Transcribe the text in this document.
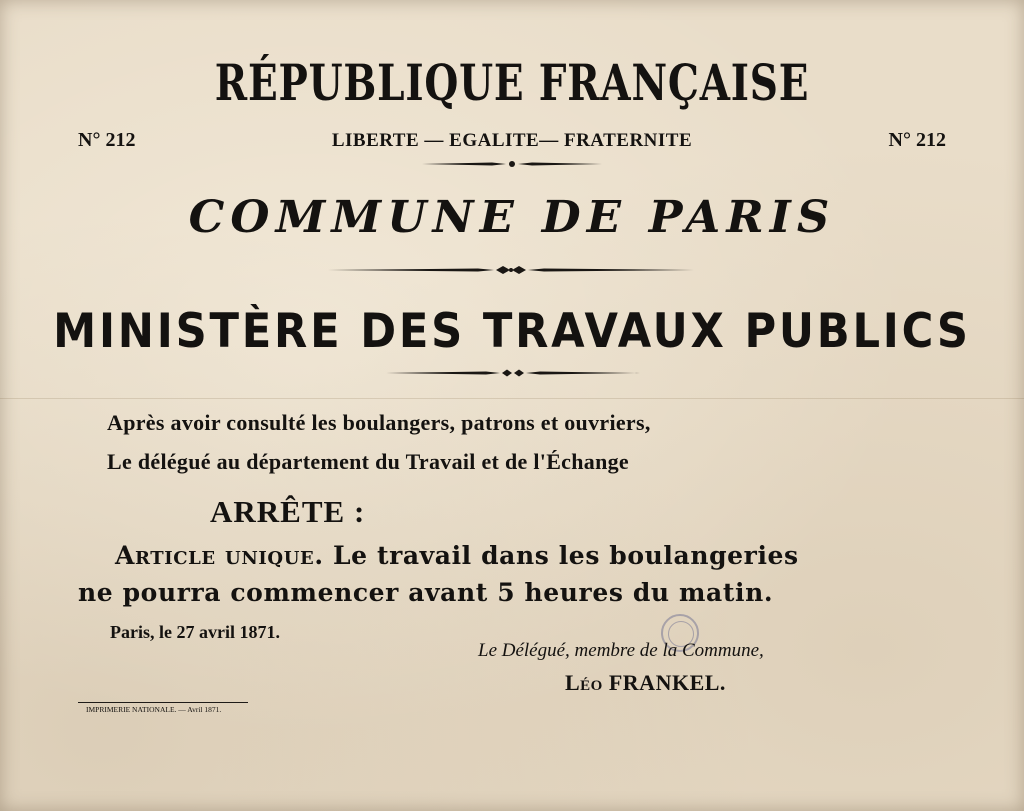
RÉPUBLIQUE FRANÇAISE
N° 212	LIBERTE — EGALITE— FRATERNITE	N° 212
COMMUNE DE PARIS
MINISTÈRE DES TRAVAUX PUBLICS
Après avoir consulté les boulangers, patrons et ouvriers,
Le délégué au département du Travail et de l'Échange
ARRÊTE :
Article unique. Le travail dans les boulangeries
ne pourra commencer avant 5 heures du matin.
Paris, le 27 avril 1871.
Le Délégué, membre de la Commune,
Léo FRANKEL.
IMPRIMERIE NATIONALE. — Avril 1871.
